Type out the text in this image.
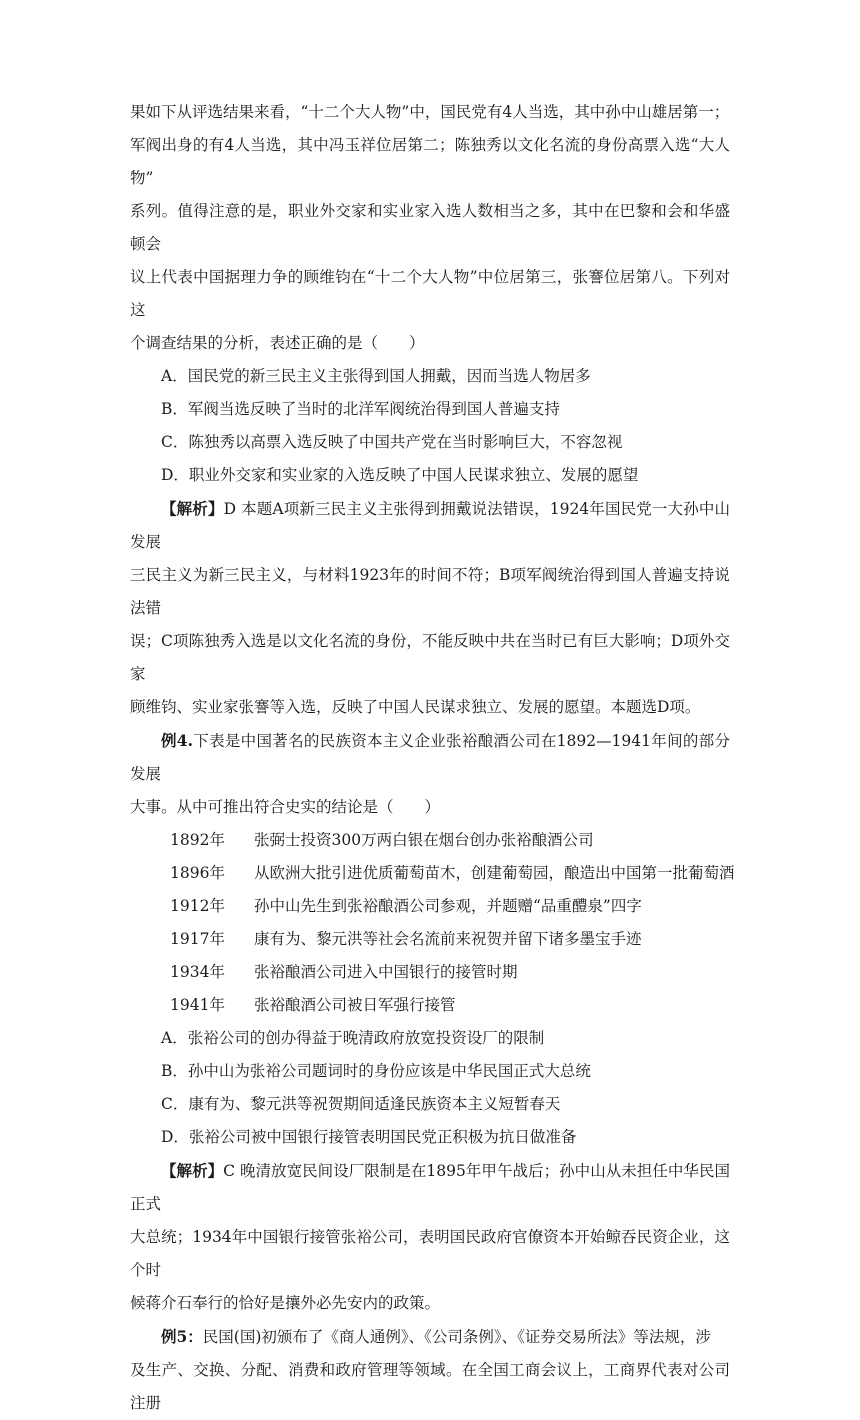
果如下从评选结果来看，“十二个大人物”中，国民党有4人当选，其中孙中山雄居第一；

军阀出身的有4人当选，其中冯玉祥位居第二；陈独秀以文化名流的身份高票入选“大人物”

系列。值得注意的是，职业外交家和实业家入选人数相当之多，其中在巴黎和会和华盛顿会

议上代表中国据理力争的顾维钧在“十二个大人物”中位居第三，张謇位居第八。下列对这

个调查结果的分析，表述正确的是（　　）

A．国民党的新三民主义主张得到国人拥戴，因而当选人物居多

B．军阀当选反映了当时的北洋军阀统治得到国人普遍支持

C．陈独秀以高票入选反映了中国共产党在当时影响巨大，不容忽视

D．职业外交家和实业家的入选反映了中国人民谋求独立、发展的愿望

【解析】D 本题A项新三民主义主张得到拥戴说法错误，1924年国民党一大孙中山发展

三民主义为新三民主义，与材料1923年的时间不符；B项军阀统治得到国人普遍支持说法错

误；C项陈独秀入选是以文化名流的身份，不能反映中共在当时已有巨大影响；D项外交家

顾维钧、实业家张謇等入选，反映了中国人民谋求独立、发展的愿望。本题选D项。

例4.下表是中国著名的民族资本主义企业张裕酿酒公司在1892—1941年间的部分发展

大事。从中可推出符合史实的结论是（　　）

1892年	张弼士投资300万两白银在烟台创办张裕酿酒公司
1896年	从欧洲大批引进优质葡萄苗木，创建葡萄园，酿造出中国第一批葡萄酒
1912年	孙中山先生到张裕酿酒公司参观，并题赠“品重醴泉”四字
1917年	康有为、黎元洪等社会名流前来祝贺并留下诸多墨宝手迹
1934年	张裕酿酒公司进入中国银行的接管时期
1941年	张裕酿酒公司被日军强行接管

A．张裕公司的创办得益于晚清政府放宽投资设厂的限制

B．孙中山为张裕公司题词时的身份应该是中华民国正式大总统

C．康有为、黎元洪等祝贺期间适逢民族资本主义短暂春天

D．张裕公司被中国银行接管表明国民党正积极为抗日做准备

【解析】C 晚清放宽民间设厂限制是在1895年甲午战后；孙中山从未担任中华民国正式

大总统；1934年中国银行接管张裕公司，表明国民政府官僚资本开始鲸吞民资企业，这个时

候蒋介石奉行的恰好是攘外必先安内的政策。

例5：民国(国)初颁布了《商人通例》、《公司条例》、《证券交易所法》等法规，涉

及生产、交换、分配、消费和政府管理等领域。在全国工商会议上，工商界代表对公司注册
